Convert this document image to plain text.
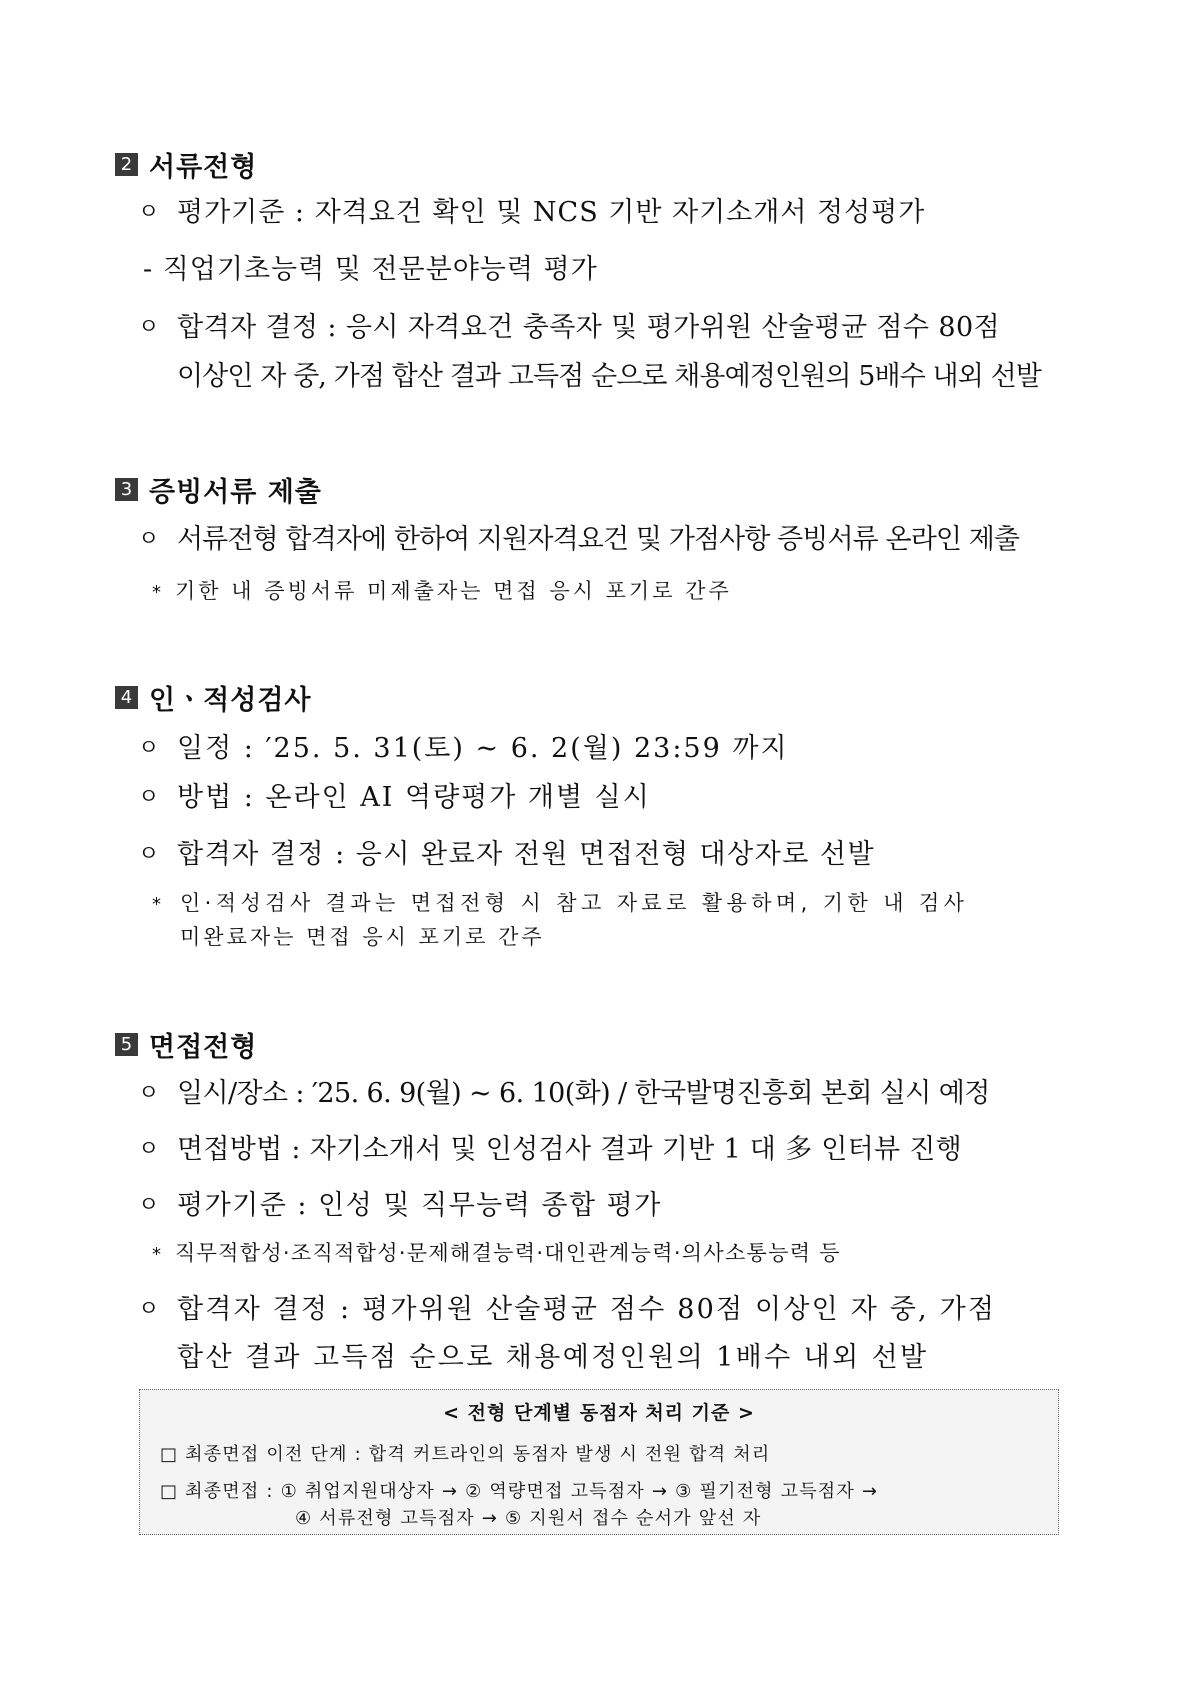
2 서류전형
ㅇ 평가기준 : 자격요건 확인 및 NCS 기반 자기소개서 정성평가
- 직업기초능력 및 전문분야능력 평가
ㅇ 합격자 결정 : 응시 자격요건 충족자 및 평가위원 산술평균 점수 80점
이상인 자 중, 가점 합산 결과 고득점 순으로 채용예정인원의 5배수 내외 선발
3 증빙서류 제출
ㅇ 서류전형 합격자에 한하여 지원자격요건 및 가점사항 증빙서류 온라인 제출
* 기한 내 증빙서류 미제출자는 면접 응시 포기로 간주
4 인ㆍ적성검사
ㅇ 일정 : ′25. 5. 31(토) ~ 6. 2(월) 23:59 까지
ㅇ 방법 : 온라인 AI 역량평가 개별 실시
ㅇ 합격자 결정 : 응시 완료자 전원 면접전형 대상자로 선발
* 인·적성검사 결과는 면접전형 시 참고 자료로 활용하며, 기한 내 검사
미완료자는 면접 응시 포기로 간주
5 면접전형
ㅇ 일시/장소 : ′25. 6. 9(월) ~ 6. 10(화) / 한국발명진흥회 본회 실시 예정
ㅇ 면접방법 : 자기소개서 및 인성검사 결과 기반 1 대 多 인터뷰 진행
ㅇ 평가기준 : 인성 및 직무능력 종합 평가
* 직무적합성·조직적합성·문제해결능력·대인관계능력·의사소통능력 등
ㅇ 합격자 결정 : 평가위원 산술평균 점수 80점 이상인 자 중, 가점
합산 결과 고득점 순으로 채용예정인원의 1배수 내외 선발
< 전형 단계별 동점자 처리 기준 >
□ 최종면접 이전 단계 : 합격 커트라인의 동점자 발생 시 전원 합격 처리
□ 최종면접 : ① 취업지원대상자 → ② 역량면접 고득점자 → ③ 필기전형 고득점자 →
④ 서류전형 고득점자 → ⑤ 지원서 접수 순서가 앞선 자
